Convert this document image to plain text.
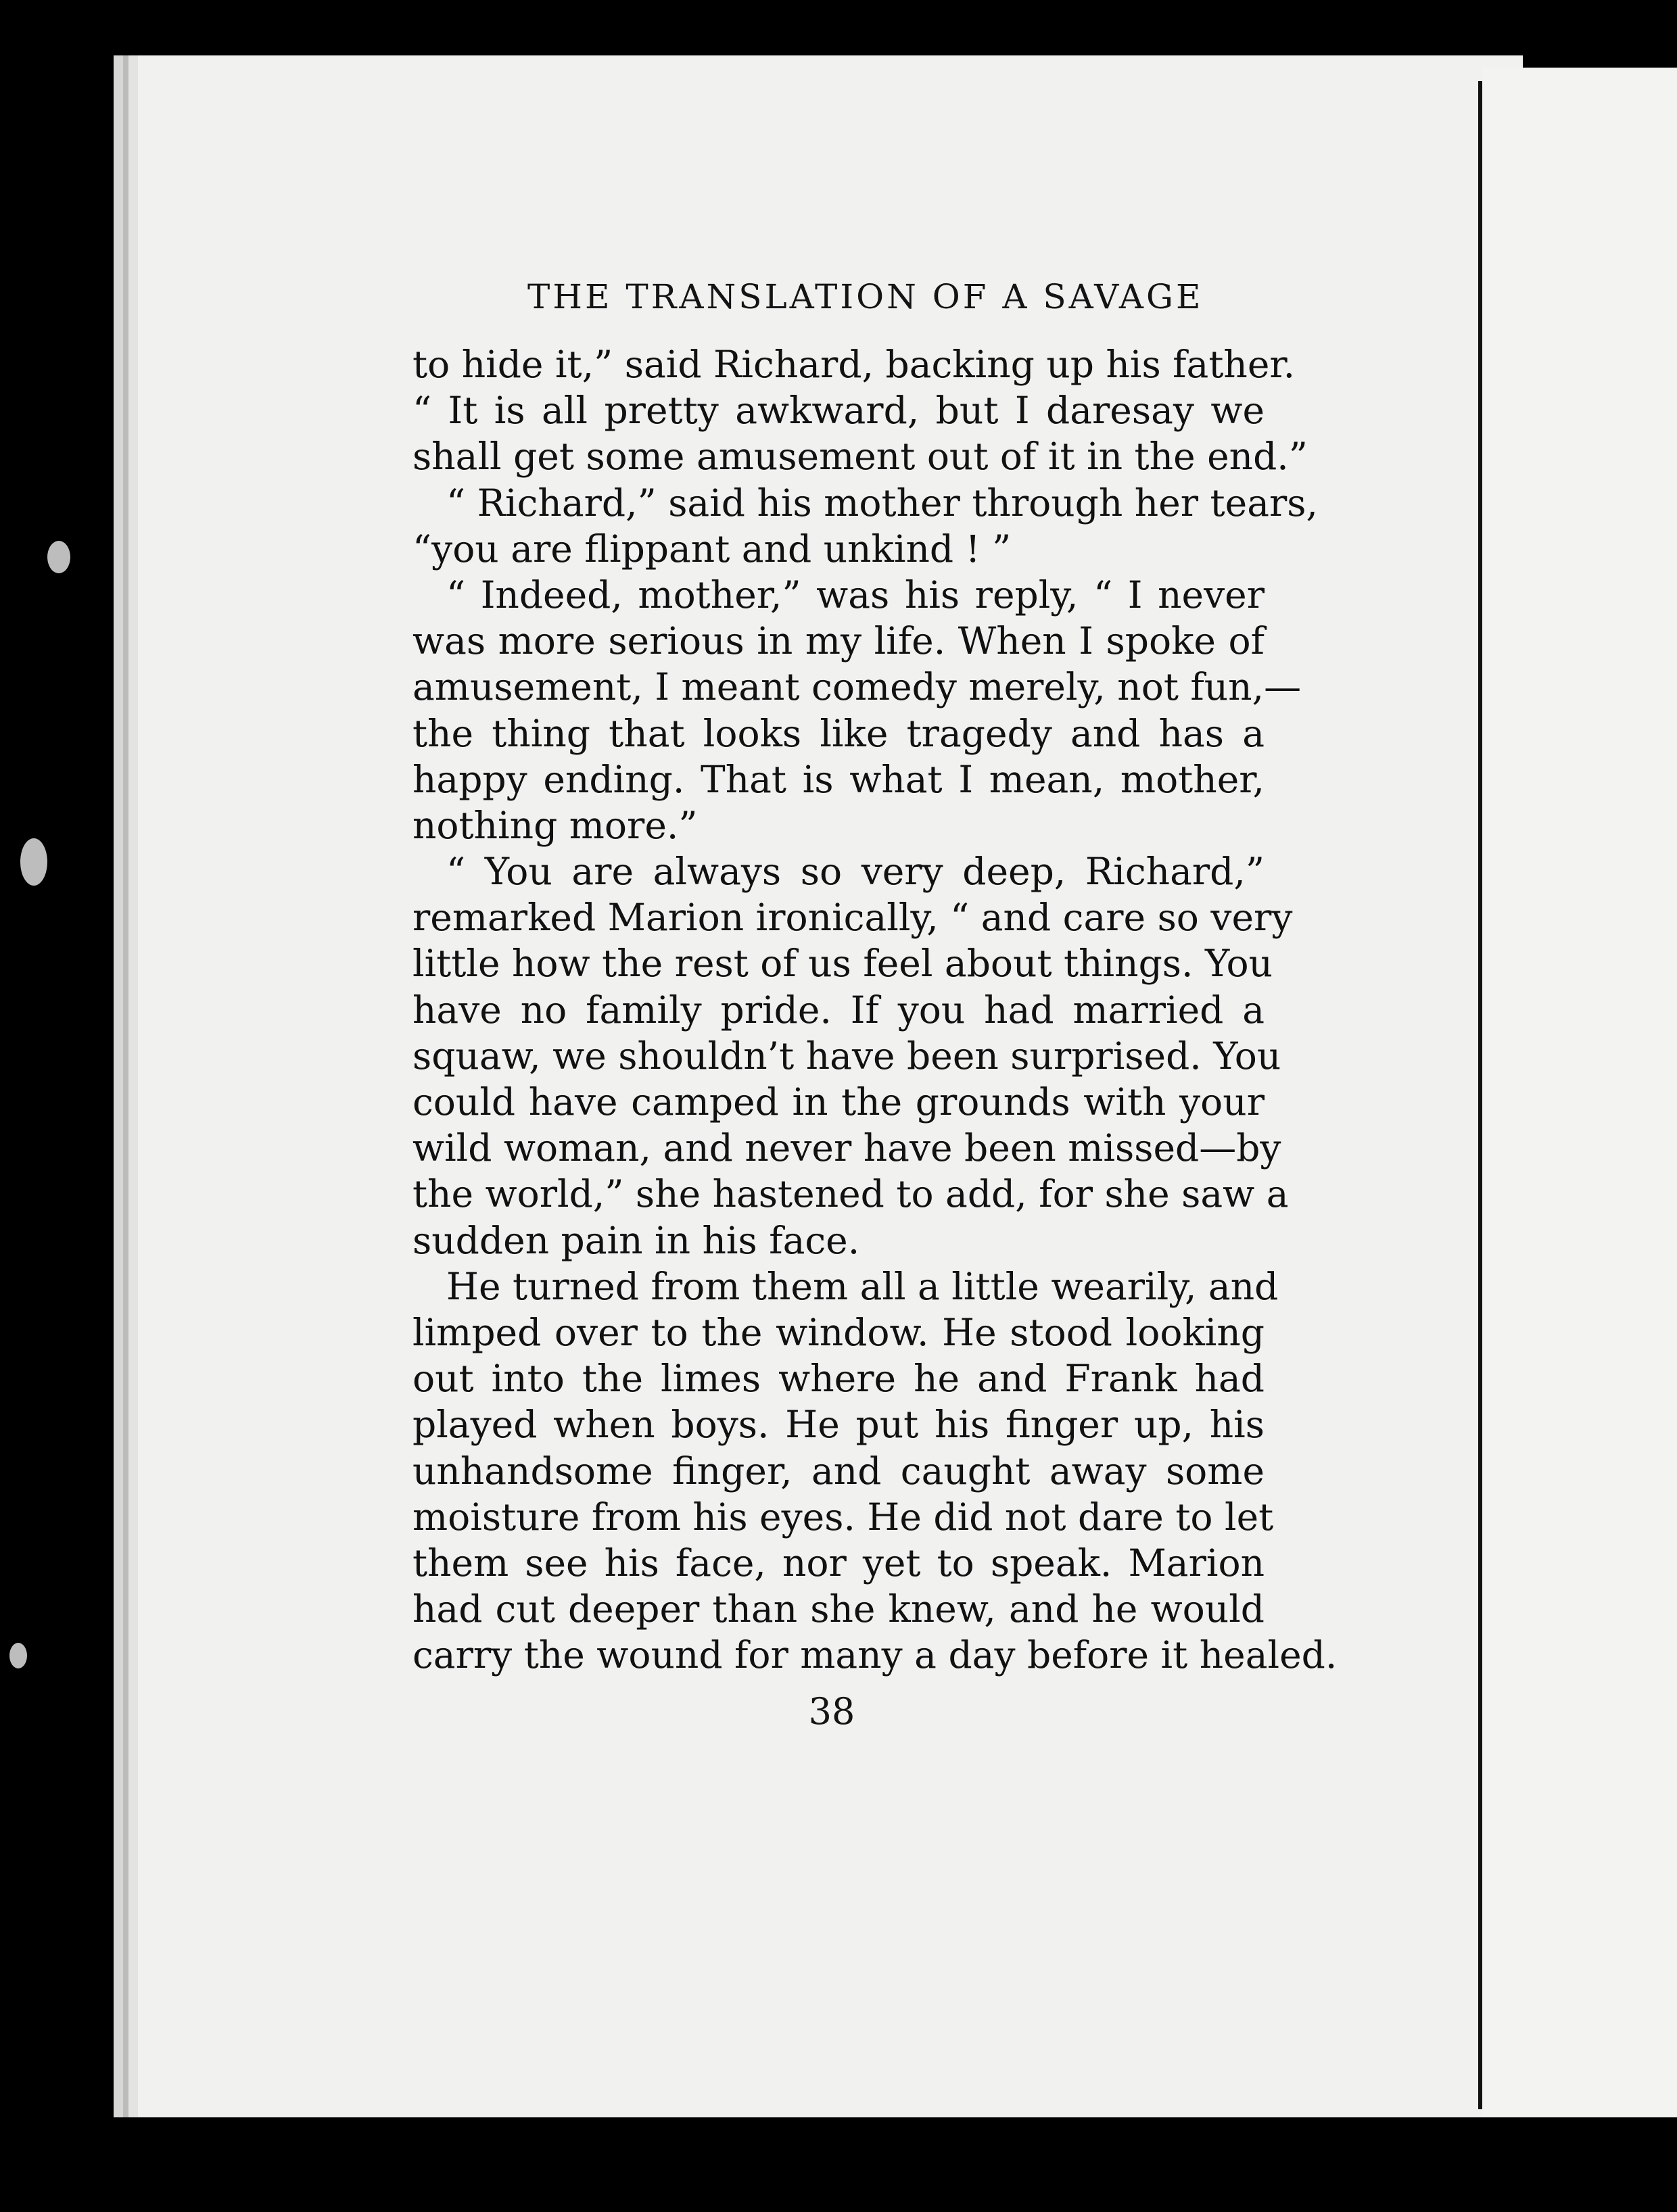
THE TRANSLATION OF A SAVAGE
to hide it,” said Richard, backing up his father.
“ It is all pretty awkward, but I daresay we
shall get some amusement out of it in the end.”
“ Richard,” said his mother through her tears,
“you are flippant and unkind ! ”
“ Indeed, mother,” was his reply, “ I never
was more serious in my life. When I spoke of
amusement, I meant comedy merely, not fun,—
the thing that looks like tragedy and has a
happy ending. That is what I mean, mother,
nothing more.”
“ You are always so very deep, Richard,”
remarked Marion ironically, “ and care so very
little how the rest of us feel about things. You
have no family pride. If you had married a
squaw, we shouldn’t have been surprised. You
could have camped in the grounds with your
wild woman, and never have been missed—by
the world,” she hastened to add, for she saw a
sudden pain in his face.
He turned from them all a little wearily, and
limped over to the window. He stood looking
out into the limes where he and Frank had
played when boys. He put his finger up, his
unhandsome finger, and caught away some
moisture from his eyes. He did not dare to let
them see his face, nor yet to speak. Marion
had cut deeper than she knew, and he would
carry the wound for many a day before it healed.
38
